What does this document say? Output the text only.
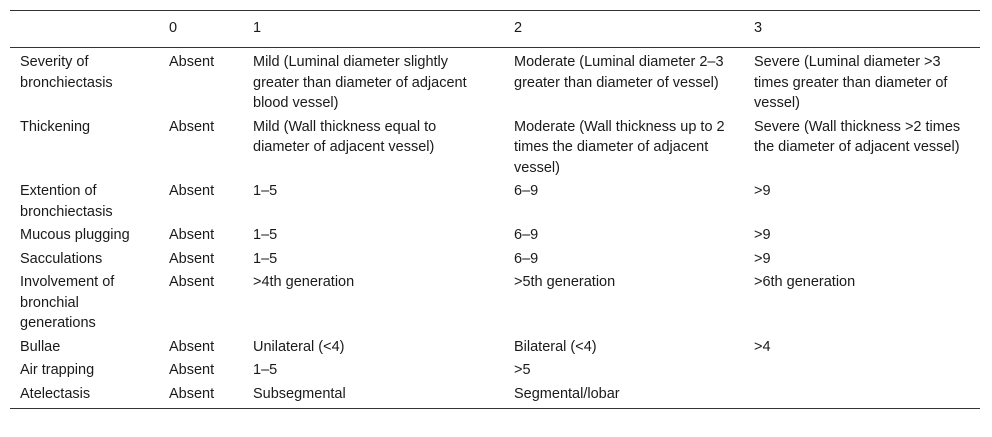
	0	1	2	3
Severity of bronchiectasis	Absent	Mild (Luminal diameter slightly greater than diameter of adjacent blood vessel)	Moderate (Luminal diameter 2–3 greater than diameter of vessel)	Severe (Luminal diameter >3 times greater than diameter of vessel)
Thickening	Absent	Mild (Wall thickness equal to diameter of adjacent vessel)	Moderate (Wall thickness up to 2 times the diameter of adjacent vessel)	Severe (Wall thickness >2 times the diameter of adjacent vessel)
Extention of bronchiectasis	Absent	1–5	6–9	>9
Mucous plugging	Absent	1–5	6–9	>9
Sacculations	Absent	1–5	6–9	>9
Involvement of bronchial generations	Absent	>4th generation	>5th generation	>6th generation
Bullae	Absent	Unilateral (<4)	Bilateral (<4)	>4
Air trapping	Absent	1–5	>5	
Atelectasis	Absent	Subsegmental	Segmental/lobar	
